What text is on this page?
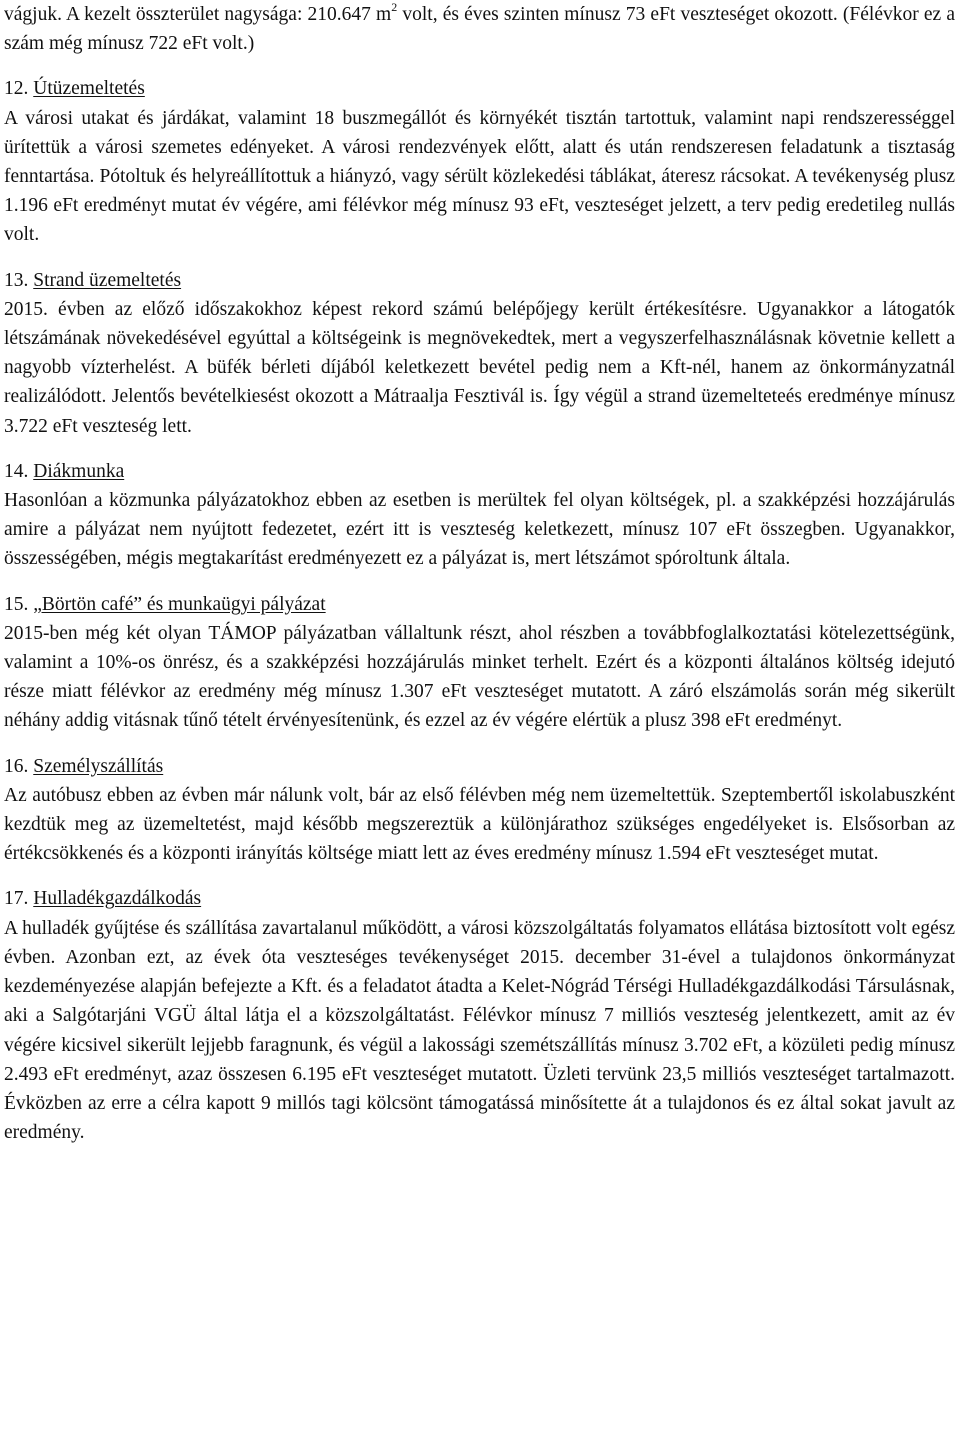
vágjuk. A kezelt összterület nagysága: 210.647 $m^2$ volt, és éves szinten mínusz 73 eFt veszteséget okozott. (Félévkor ez a szám még mínusz 722 eFt volt.)

12. Útüzemeltetés

A városi utakat és járdákat, valamint 18 buszmegállót és környékét tisztán tartottuk, valamint napi rendszerességgel ürítettük a városi szemetes edényeket. A városi rendezvények előtt, alatt és után rendszeresen feladatunk a tisztaság fenntartása. Pótoltuk és helyreállítottuk a hiányzó, vagy sérült közlekedési táblákat, áteresz rácsokat. A tevékenység plusz 1.196 eFt eredményt mutat év végére, ami félévkor még mínusz 93 eFt, veszteséget jelzett, a terv pedig eredetileg nullás volt.

13. Strand üzemeltetés

2015. évben az előző időszakokhoz képest rekord számú belépőjegy került értékesítésre. Ugyanakkor a látogatók létszámának növekedésével egyúttal a költségeink is megnövekedtek, mert a vegyszerfelhasználásnak követnie kellett a nagyobb vízterhelést. A büfék bérleti díjából keletkezett bevétel pedig nem a Kft-nél, hanem az önkormányzatnál realizálódott. Jelentős bevételkiesést okozott a Mátraalja Fesztivál is. Így végül a strand üzemelteteés eredménye mínusz 3.722 eFt veszteség lett.

14. Diákmunka

Hasonlóan a közmunka pályázatokhoz ebben az esetben is merültek fel olyan költségek, pl. a szakképzési hozzájárulás amire a pályázat nem nyújtott fedezetet, ezért itt is veszteség keletkezett, mínusz 107 eFt összegben. Ugyanakkor, összességében, mégis megtakarítást eredményezett ez a pályázat is, mert létszámot spóroltunk általa.

15. „Börtön café” és munkaügyi pályázat

2015-ben még két olyan TÁMOP pályázatban vállaltunk részt, ahol részben a továbbfoglalkoztatási kötelezettségünk, valamint a 10%-os önrész, és a szakképzési hozzájárulás minket terhelt. Ezért és a központi általános költség idejutó része miatt félévkor az eredmény még mínusz 1.307 eFt veszteséget mutatott. A záró elszámolás során még sikerült néhány addig vitásnak tűnő tételt érvényesítenünk, és ezzel az év végére elértük a plusz 398 eFt eredményt.

16. Személyszállítás

Az autóbusz ebben az évben már nálunk volt, bár az első félévben még nem üzemeltettük. Szeptembertől iskolabuszként kezdtük meg az üzemeltetést, majd később megszereztük a különjárathoz szükséges engedélyeket is. Elsősorban az értékcsökkenés és a központi irányítás költsége miatt lett az éves eredmény mínusz 1.594 eFt veszteséget mutat.

17. Hulladékgazdálkodás

A hulladék gyűjtése és szállítása zavartalanul működött, a városi közszolgáltatás folyamatos ellátása biztosított volt egész évben. Azonban ezt, az évek óta veszteséges tevékenységet 2015. december 31-ével a tulajdonos önkormányzat kezdeményezése alapján befejezte a Kft. és a feladatot átadta a Kelet-Nógrád Térségi Hulladékgazdálkodási Társulásnak, aki a Salgótarjáni VGÜ által látja el a közszolgáltatást. Félévkor mínusz 7 milliós veszteség jelentkezett, amit az év végére kicsivel sikerült lejjebb faragnunk, és végül a lakossági szemétszállítás mínusz 3.702 eFt, a közületi pedig mínusz 2.493 eFt eredményt, azaz összesen 6.195 eFt veszteséget mutatott. Üzleti tervünk 23,5 milliós veszteséget tartalmazott. Évközben az erre a célra kapott 9 millós tagi kölcsönt támogatássá minősítette át a tulajdonos és ez által sokat javult az eredmény.
